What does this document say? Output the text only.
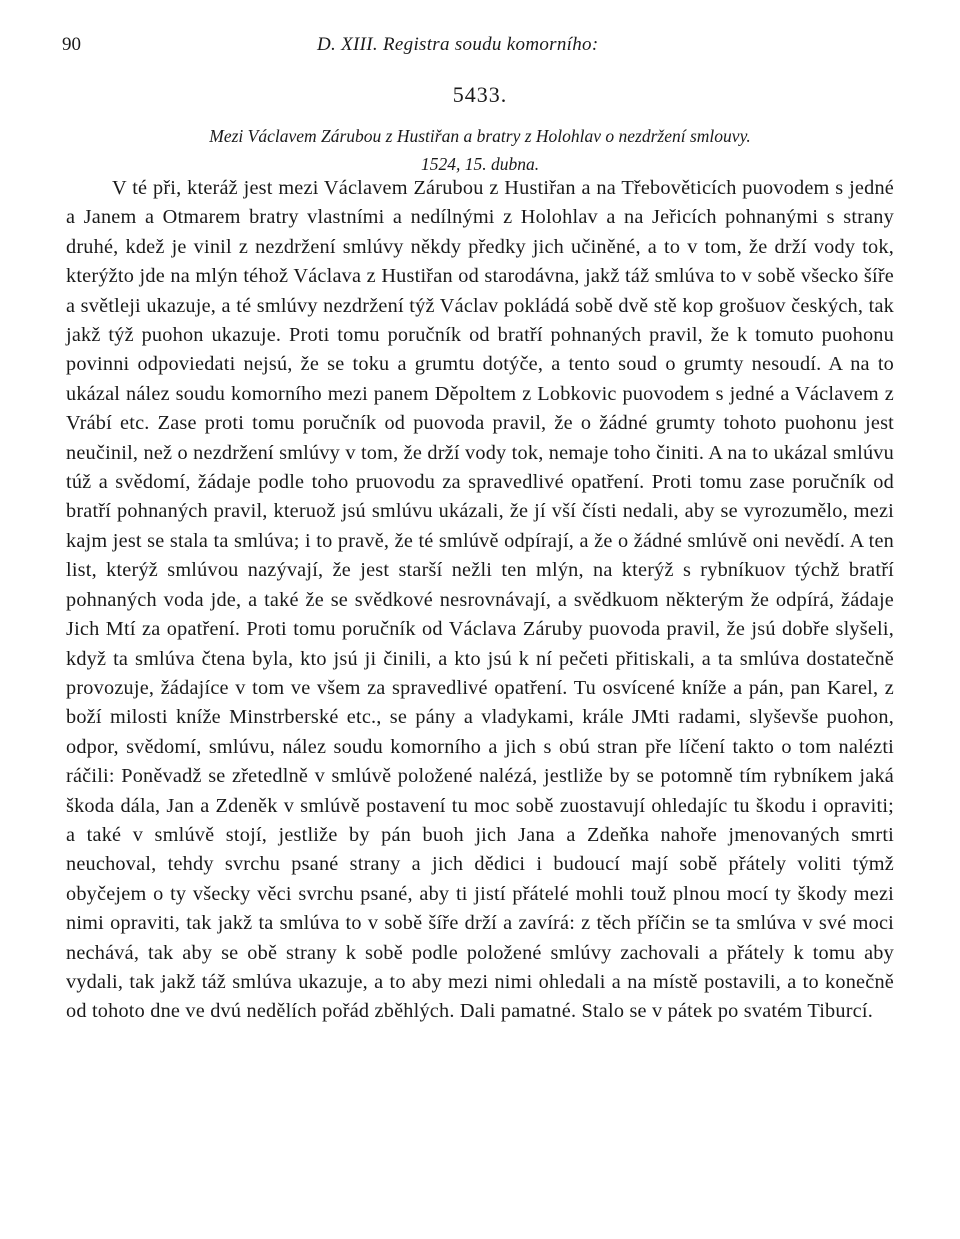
90	D. XIII. Registra soudu komorního:
5433.
Mezi Václavem Zárubou z Hustiřan a bratry z Holohlav o nezdržení smlouvy.
1524, 15. dubna.

V té při, kteráž jest mezi Václavem Zárubou z Hustiřan a na Třebověticích puovodem s jedné a Janem a Otmarem bratry vlastními a nedílnými z Holohlav a na Jeřicích pohnanými s strany druhé, kdež je vinil z nezdržení smlúvy někdy předky jich učiněné, a to v tom, že drží vody tok, kterýžto jde na mlýn téhož Václava z Hustiřan od starodávna, jakž táž smlúva to v sobě všecko šíře a světleji ukazuje, a té smlúvy nezdržení týž Václav pokládá sobě dvě stě kop grošuov českých, tak jakž týž puohon ukazuje. Proti tomu poručník od bratří pohnaných pravil, že k tomuto puohonu povinni odpoviedati nejsú, že se toku a grumtu dotýče, a tento soud o grumty nesoudí. A na to ukázal nález soudu komorního mezi panem Děpoltem z Lobkovic puovodem s jedné a Václavem z Vrábí etc. Zase proti tomu poručník od puovoda pravil, že o žádné grumty tohoto puohonu jest neučinil, než o nezdržení smlúvy v tom, že drží vody tok, nemaje toho činiti. A na to ukázal smlúvu túž a svědomí, žádaje podle toho pruovodu za spravedlivé opatření. Proti tomu zase poručník od bratří pohnaných pravil, kteruož jsú smlúvu ukázali, že jí vší čísti nedali, aby se vyrozumělo, mezi kajm jest se stala ta smlúva; i to pravě, že té smlúvě odpírají, a že o žádné smlúvě oni nevědí. A ten list, kterýž smlúvou nazývají, že jest starší nežli ten mlýn, na kterýž s rybníkuov týchž bratří pohnaných voda jde, a také že se svědkové nesrovnávají, a svědkuom některým že odpírá, žádaje Jich Mtí za opatření. Proti tomu poručník od Václava Záruby puovoda pravil, že jsú dobře slyšeli, když ta smlúva čtena byla, kto jsú ji činili, a kto jsú k ní pečeti přitiskali, a ta smlúva dostatečně provozuje, žádajíce v tom ve všem za spravedlivé opatření. Tu osvícené kníže a pán, pan Karel, z boží milosti kníže Minstrberské etc., se pány a vladykami, krále JMti radami, slyševše puohon, odpor, svědomí, smlúvu, nález soudu komorního a jich s obú stran pře líčení takto o tom nalézti ráčili: Poněvadž se zřetedlně v smlúvě položené nalézá, jestliže by se potomně tím rybníkem jaká škoda dála, Jan a Zdeněk v smlúvě postavení tu moc sobě zuostavují ohledajíc tu škodu i opraviti; a také v smlúvě stojí, jestliže by pán buoh jich Jana a Zdeňka nahoře jmenovaných smrti neuchoval, tehdy svrchu psané strany a jich dědici i budoucí mají sobě přátely voliti týmž obyčejem o ty všecky věci svrchu psané, aby ti jistí přátelé mohli touž plnou mocí ty škody mezi nimi opraviti, tak jakž ta smlúva to v sobě šíře drží a zavírá: z těch příčin se ta smlúva v své moci nechává, tak aby se obě strany k sobě podle položené smlúvy zachovali a přátely k tomu aby vydali, tak jakž táž smlúva ukazuje, a to aby mezi nimi ohledali a na místě postavili, a to konečně od tohoto dne ve dvú nedělích pořád zběhlých. Dali pamatné. Stalo se v pátek po svatém Tiburcí.
